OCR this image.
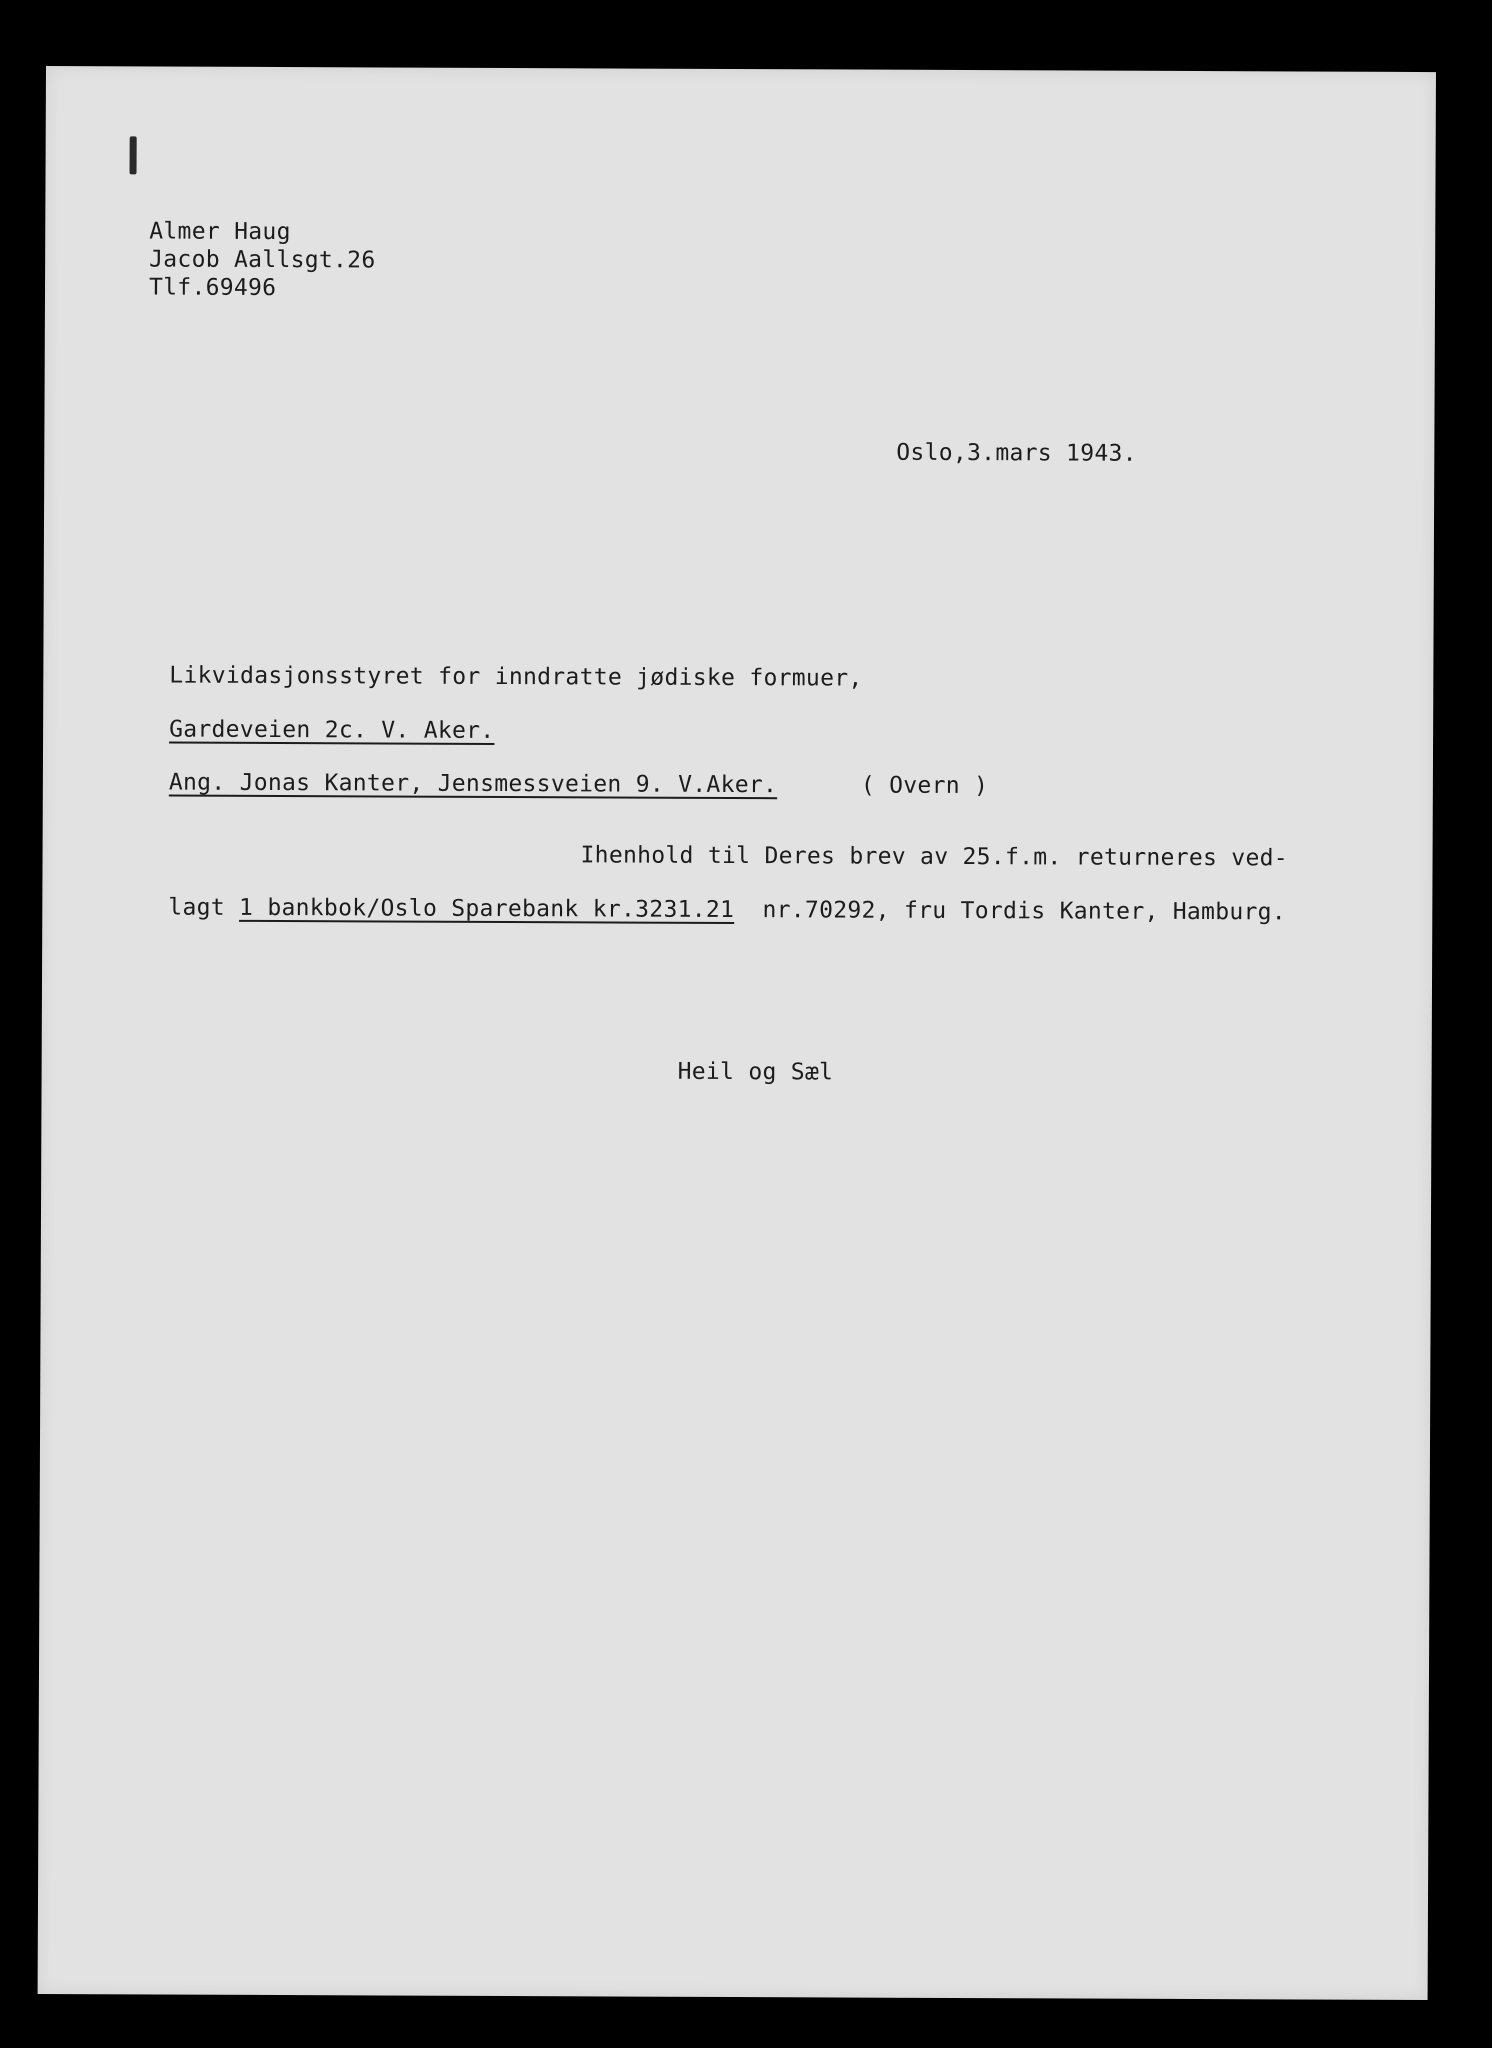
Almer Haug

Jacob Aallsgt.26

Tlf.69496

Oslo,3.mars 1943.

Likvidasjonsstyret for inndratte jødiske formuer,

Gardeveien 2c. V. Aker.

Ang. Jonas Kanter, Jensmessveien 9. V.Aker.	( Overn )

Ihenhold til Deres brev av 25.f.m. returneres ved-

lagt 1 bankbok/Oslo Sparebank kr.3231.21  nr.70292, fru Tordis Kanter, Hamburg.

Heil og Sæl
